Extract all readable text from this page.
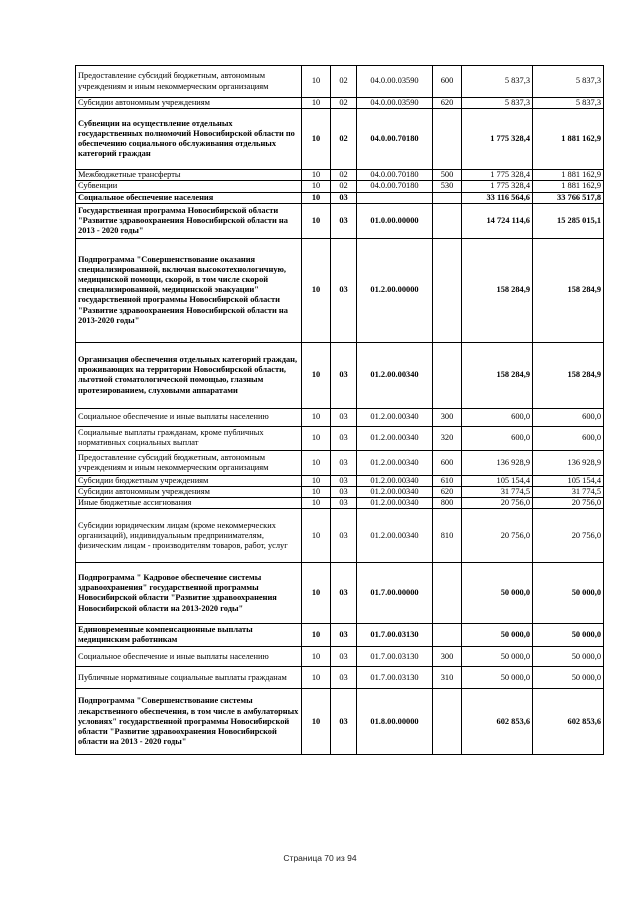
Предоставление субсидий бюджетным, автономным учреждениям и иным некоммерческим организациям	10	02	04.0.00.03590	600	5 837,3	5 837,3
Субсидии автономным учреждениям	10	02	04.0.00.03590	620	5 837,3	5 837,3
Субвенции на осуществление отдельных государственных полномочий Новосибирской области по обеспечению социального обслуживания отдельных категорий граждан	10	02	04.0.00.70180		1 775 328,4	1 881 162,9
Межбюджетные трансферты	10	02	04.0.00.70180	500	1 775 328,4	1 881 162,9
Субвенции	10	02	04.0.00.70180	530	1 775 328,4	1 881 162,9
Социальное обеспечение населения	10	03			33 116 564,6	33 766 517,8
Государственная программа Новосибирской области "Развитие здравоохранения Новосибирской области на 2013 - 2020 годы"	10	03	01.0.00.00000		14 724 114,6	15 285 015,1
Подпрограмма "Совершенствование оказания специализированной, включая высокотехнологичную, медицинской помощи, скорой, в том числе скорой специализированной, медицинской эвакуации" государственной программы Новосибирской области "Развитие здравоохранения Новосибирской области на 2013-2020 годы"	10	03	01.2.00.00000		158 284,9	158 284,9
Организация обеспечения отдельных категорий граждан, проживающих на территории Новосибирской области, льготной стоматологической помощью, глазным протезированием, слуховыми аппаратами	10	03	01.2.00.00340		158 284,9	158 284,9
Социальное обеспечение и иные выплаты населению	10	03	01.2.00.00340	300	600,0	600,0
Социальные выплаты гражданам, кроме публичных нормативных социальных выплат	10	03	01.2.00.00340	320	600,0	600,0
Предоставление субсидий бюджетным, автономным учреждениям и иным некоммерческим организациям	10	03	01.2.00.00340	600	136 928,9	136 928,9
Субсидии бюджетным учреждениям	10	03	01.2.00.00340	610	105 154,4	105 154,4
Субсидии автономным учреждениям	10	03	01.2.00.00340	620	31 774,5	31 774,5
Иные бюджетные ассигнования	10	03	01.2.00.00340	800	20 756,0	20 756,0
Субсидии юридическим лицам (кроме некоммерческих организаций), индивидуальным предпринимателям, физическим лицам - производителям товаров, работ, услуг	10	03	01.2.00.00340	810	20 756,0	20 756,0
Подпрограмма " Кадровое обеспечение системы здравоохранения" государственной программы Новосибирской области "Развитие здравоохранения Новосибирской области на 2013-2020 годы"	10	03	01.7.00.00000		50 000,0	50 000,0
Единовременные компенсационные выплаты медицинским работникам	10	03	01.7.00.03130		50 000,0	50 000,0
Социальное обеспечение и иные выплаты населению	10	03	01.7.00.03130	300	50 000,0	50 000,0
Публичные нормативные социальные выплаты гражданам	10	03	01.7.00.03130	310	50 000,0	50 000,0
Подпрограмма "Совершенствование системы лекарственного обеспечения, в том числе в амбулаторных условиях" государственной программы Новосибирской области "Развитие здравоохранения Новосибирской области на 2013 - 2020 годы"	10	03	01.8.00.00000		602 853,6	602 853,6
Страница 70 из 94
